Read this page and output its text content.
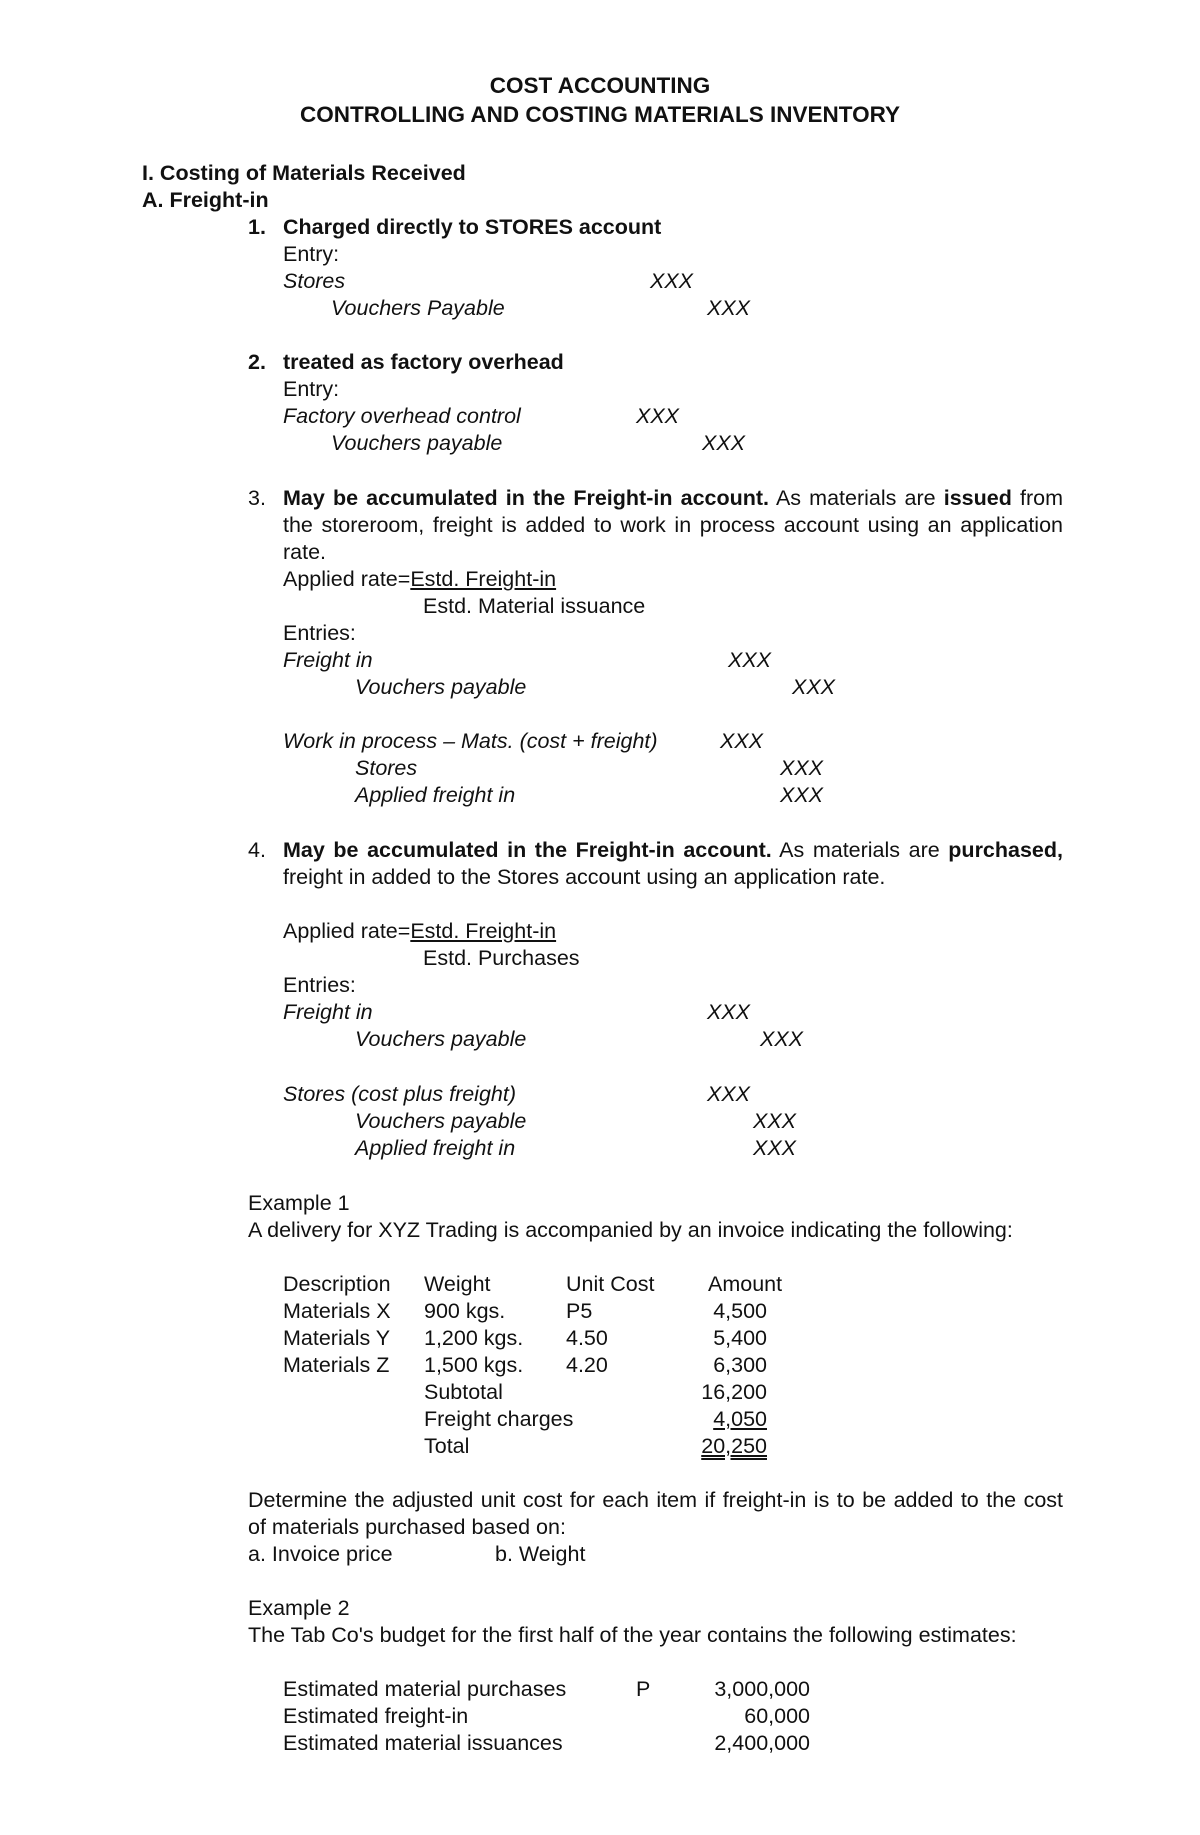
COST ACCOUNTING
CONTROLLING AND COSTING MATERIALS INVENTORY
I. Costing of Materials Received
A. Freight-in
1. Charged directly to STORES account
Entry:
Stores	XXX
Vouchers Payable	XXX
2. treated as factory overhead
Entry:
Factory overhead control	XXX
Vouchers payable	XXX
3. May be accumulated in the Freight-in account. As materials are issued from the storeroom, freight is added to work in process account using an application rate.
Applied rate=Estd. Freight-in
Estd. Material issuance
Entries:
Freight in	XXX
Vouchers payable	XXX
Work in process – Mats. (cost + freight)	XXX
Stores	XXX
Applied freight in	XXX
4. May be accumulated in the Freight-in account. As materials are purchased, freight in added to the Stores account using an application rate.
Applied rate=Estd. Freight-in
Estd. Purchases
Entries:
Freight in	XXX
Vouchers payable	XXX
Stores (cost plus freight)	XXX
Vouchers payable	XXX
Applied freight in	XXX
Example 1
A delivery for XYZ Trading is accompanied by an invoice indicating the following:
Description Weight	Unit Cost Amount
Materials X 900 kgs.	P5	4,500
Materials Y 1,200 kgs. 4.50	5,400
Materials Z 1,500 kgs. 4.20	6,300
Subtotal	16,200
Freight charges	4,050
Total	20,250
Determine the adjusted unit cost for each item if freight-in is to be added to the cost of materials purchased based on:
a. Invoice price	b. Weight
Example 2
The Tab Co's budget for the first half of the year contains the following estimates:
Estimated material purchases	P	3,000,000
Estimated freight-in	60,000
Estimated material issuances	2,400,000
